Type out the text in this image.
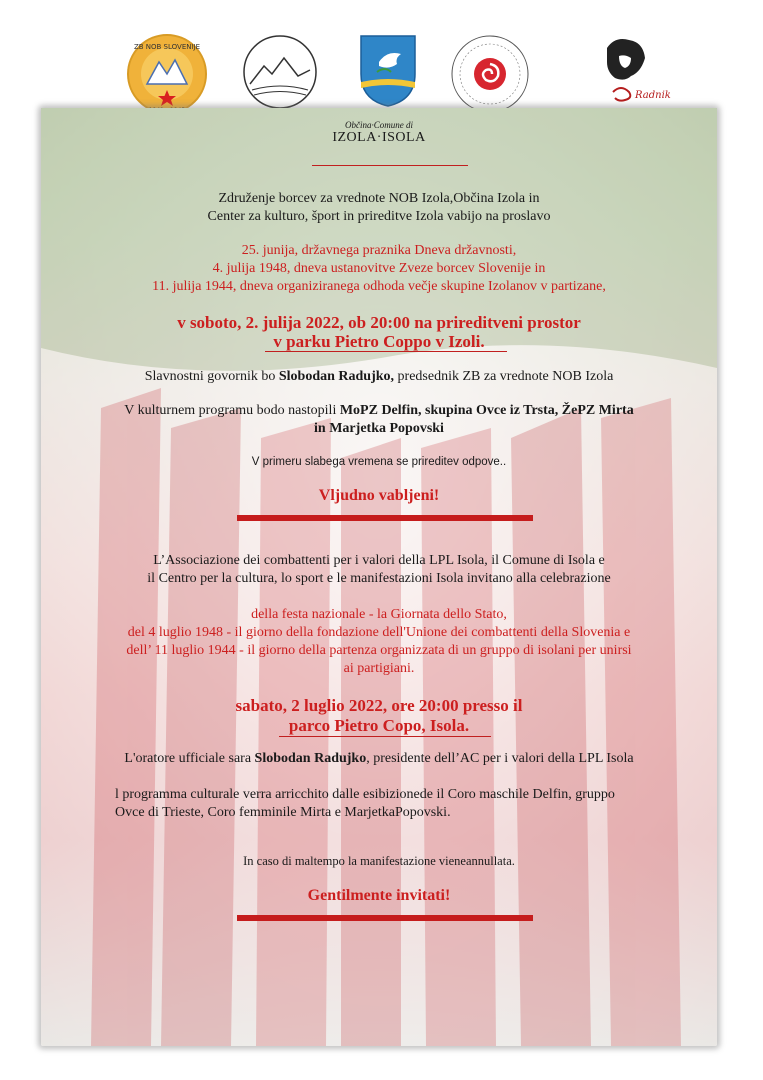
ZB NOB SLOVENIJE
Radnik
Občina·Comune di
IZOLA·ISOLA
Združenje borcev za vrednote NOB Izola,Občina Izola in
Center za kulturo, šport in prireditve Izola vabijo na proslavo
25. junija, državnega praznika Dneva državnosti,
4. julija 1948, dneva ustanovitve Zveze borcev Slovenije in
11. julija 1944, dneva organiziranega odhoda večje skupine Izolanov v partizane,
v soboto, 2. julija 2022, ob 20:00 na prireditveni prostor
v parku Pietro Coppo v Izoli.
Slavnostni govornik bo Slobodan Radujko, predsednik ZB za vrednote NOB Izola
V kulturnem programu bodo nastopili MoPZ Delfin, skupina Ovce iz Trsta, ŽePZ Mirta
in Marjetka Popovski
V primeru slabega vremena se prireditev odpove..
Vljudno vabljeni!
L’Associazione dei combattenti per i valori della LPL Isola, il Comune di Isola e
il Centro per la cultura, lo sport e le manifestazioni Isola invitano alla celebrazione
della festa nazionale - la Giornata dello Stato,
del 4 luglio 1948 - il giorno della fondazione dell'Unione dei combattenti della Slovenia e
dell’ 11 luglio 1944 - il giorno della partenza organizzata di un gruppo di isolani per unirsi
ai partigiani.
sabato, 2 luglio 2022, ore 20:00 presso il
parco Pietro Copo, Isola.
L'oratore ufficiale sara Slobodan Radujko, presidente dell’AC per i valori della LPL Isola
l programma culturale verra arricchito dalle esibizionede il Coro maschile Delfin, gruppo
Ovce di Trieste, Coro femminile Mirta e MarjetkaPopovski.
In caso di maltempo la manifestazione vieneannullata.
Gentilmente invitati!
